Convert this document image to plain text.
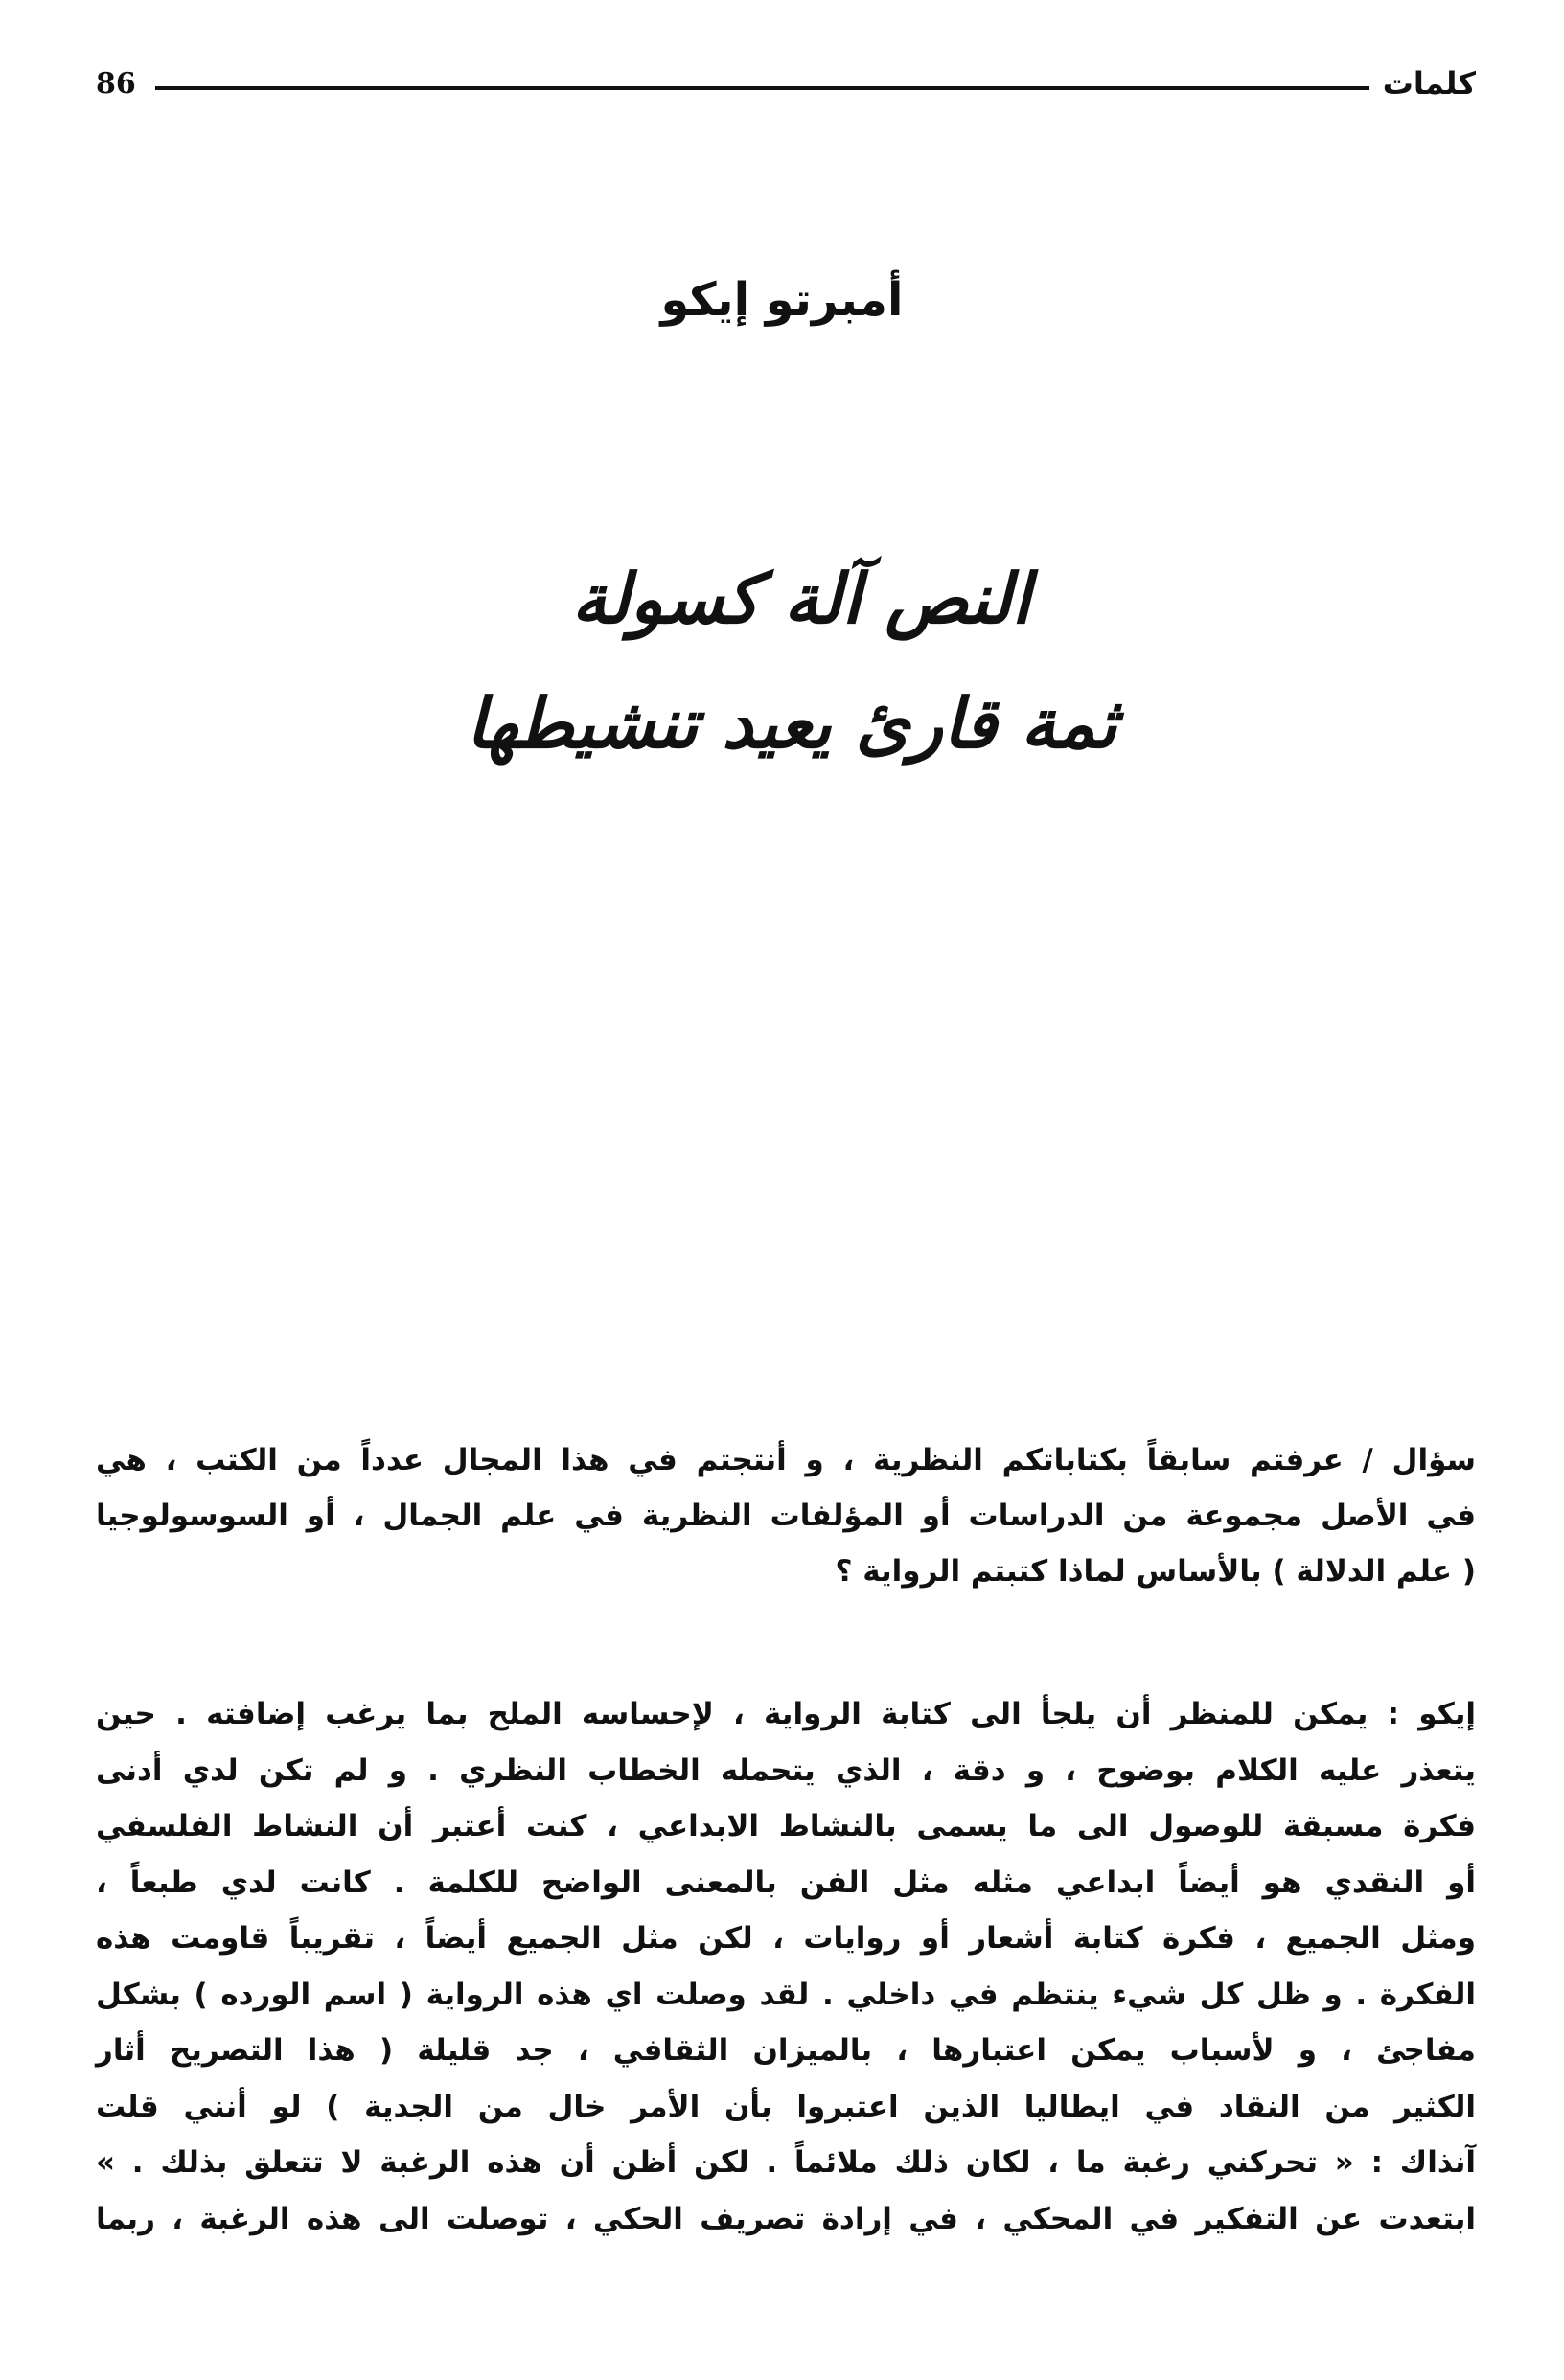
86	كلمات
أمبرتو إيكو
النص آلة كسولة
ثمة قارئ يعيد تنشيطها
سؤال / عرفتم سابقاً بكتاباتكم النظرية ، و أنتجتم في هذا المجال عدداً من الكتب ، هي
في الأصل مجموعة من الدراسات أو المؤلفات النظرية في علم الجمال ، أو السوسولوجيا
( علم الدلالة ) بالأساس لماذا كتبتم الرواية ؟
إيكو : يمكن للمنظر أن يلجأ الى كتابة الرواية ، لإحساسه الملح بما يرغب إضافته . حين
يتعذر عليه الكلام بوضوح ، و دقة ، الذي يتحمله الخطاب النظري . و لم تكن لدي أدنى
فكرة مسبقة للوصول الى ما يسمى بالنشاط الابداعي ، كنت أعتبر أن النشاط الفلسفي
أو النقدي هو أيضاً ابداعي مثله مثل الفن بالمعنى الواضح للكلمة . كانت لدي طبعاً ،
ومثل الجميع ، فكرة كتابة أشعار أو روايات ، لكن مثل الجميع أيضاً ، تقريباً قاومت هذه
الفكرة . و ظل كل شيء ينتظم في داخلي . لقد وصلت اي هذه الرواية ( اسم الورده ) بشكل
مفاجئ ، و لأسباب يمكن اعتبارها ، بالميزان الثقافي ، جد قليلة ( هذا التصريح أثار
الكثير من النقاد في ايطاليا الذين اعتبروا بأن الأمر خال من الجدية ) لو أنني قلت
آنذاك : « تحركني رغبة ما ، لكان ذلك ملائماً . لكن أظن أن هذه الرغبة لا تتعلق بذلك . »
ابتعدت عن التفكير في المحكي ، في إرادة تصريف الحكي ، توصلت الى هذه الرغبة ، ربما
